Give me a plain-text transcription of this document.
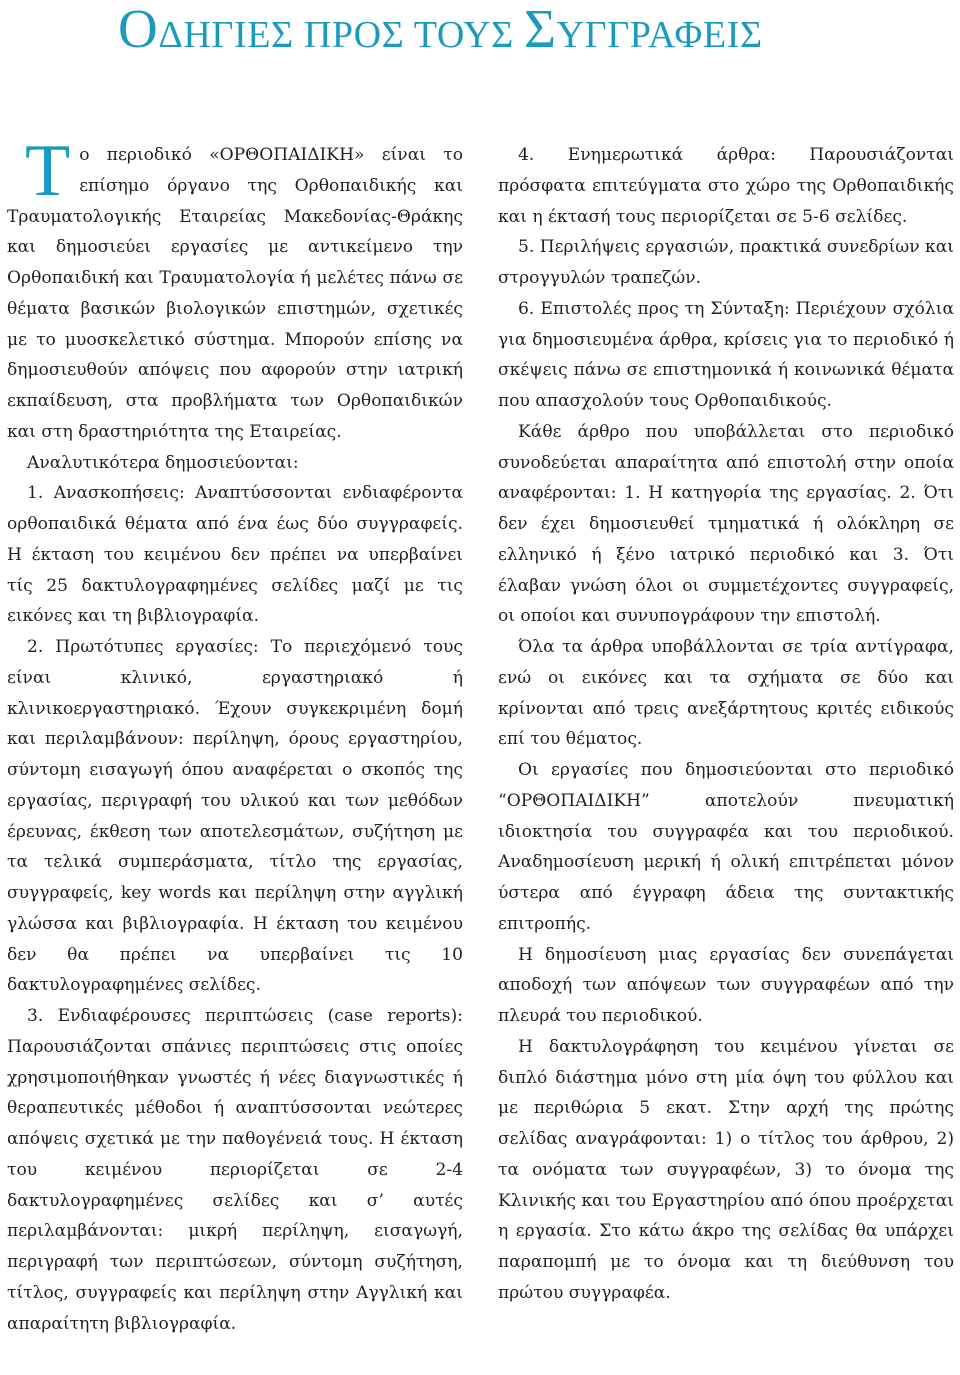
ΟΔΗΓΙΕΣ ΠΡΟΣ ΤΟΥΣ ΣΥΓΓΡΑΦΕΙΣ

Το περιοδικό «ΟΡΘΟΠΑΙΔΙΚΗ» είναι το επίσημο όργανο της Ορθοπαιδικής και Τραυματολογικής Εταιρείας Μακεδονίας-Θράκης και δημοσιεύει εργασίες με αντικείμενο την Ορθοπαιδική και Τραυματολογία ή μελέτες πάνω σε θέματα βασικών βιολογικών επιστημών, σχετικές με το μυοσκελετικό σύστημα. Μπορούν επίσης να δημοσιευθούν απόψεις που αφορούν στην ιατρική εκπαίδευση, στα προβλήματα των Ορθοπαιδικών και στη δραστηριότητα της Εταιρείας.

Αναλυτικότερα δημοσιεύονται:

1. Ανασκοπήσεις: Αναπτύσσονται ενδιαφέροντα ορθοπαιδικά θέματα από ένα έως δύο συγγραφείς. Η έκταση του κειμένου δεν πρέπει να υπερβαίνει τίς 25 δακτυλογραφημένες σελίδες μαζί με τις εικόνες και τη βιβλιογραφία.

2. Πρωτότυπες εργασίες: Το περιεχόμενό τους είναι κλινικό, εργαστηριακό ή κλινικοεργαστηριακό. Έχουν συγκεκριμένη δομή και περιλαμβάνουν: περίληψη, όρους εργαστηρίου, σύντομη εισαγωγή όπου αναφέρεται ο σκοπός της εργασίας, περιγραφή του υλικού και των μεθόδων έρευνας, έκθεση των αποτελεσμάτων, συζήτηση με τα τελικά συμπεράσματα, τίτλο της εργασίας, συγγραφείς, key words και περίληψη στην αγγλική γλώσσα και βιβλιογραφία. Η έκταση του κειμένου δεν θα πρέπει να υπερβαίνει τις 10 δακτυλογραφημένες σελίδες.

3. Ενδιαφέρουσες περιπτώσεις (case reports): Παρουσιάζονται σπάνιες περιπτώσεις στις οποίες χρησιμοποιήθηκαν γνωστές ή νέες διαγνωστικές ή θεραπευτικές μέθοδοι ή αναπτύσσονται νεώτερες απόψεις σχετικά με την παθογένειά τους. Η έκταση του κειμένου περιορίζεται σε 2-4 δακτυλογραφημένες σελίδες και σ’ αυτές περιλαμβάνονται: μικρή περίληψη, εισαγωγή, περιγραφή των περιπτώσεων, σύντομη συζήτηση, τίτλος, συγγραφείς και περίληψη στην Αγγλική και απαραίτητη βιβλιογραφία.

4. Ενημερωτικά άρθρα: Παρουσιάζονται πρόσφατα επιτεύγματα στο χώρο της Ορθοπαιδικής και η έκτασή τους περιορίζεται σε 5-6 σελίδες.

5. Περιλήψεις εργασιών, πρακτικά συνεδρίων και στρογγυλών τραπεζών.

6. Επιστολές προς τη Σύνταξη: Περιέχουν σχόλια για δημοσιευμένα άρθρα, κρίσεις για το περιοδικό ή σκέψεις πάνω σε επιστημονικά ή κοινωνικά θέματα που απασχολούν τους Ορθοπαιδικούς.

Κάθε άρθρο που υποβάλλεται στο περιοδικό συνοδεύεται απαραίτητα από επιστολή στην οποία αναφέρονται: 1. Η κατηγορία της εργασίας. 2. Ότι δεν έχει δημοσιευθεί τμηματικά ή ολόκληρη σε ελληνικό ή ξένο ιατρικό περιοδικό και 3. Ότι έλαβαν γνώση όλοι οι συμμετέχοντες συγγραφείς, οι οποίοι και συνυπογράφουν την επιστολή.

Όλα τα άρθρα υποβάλλονται σε τρία αντίγραφα, ενώ οι εικόνες και τα σχήματα σε δύο και κρίνονται από τρεις ανεξάρτητους κριτές ειδικούς επί του θέματος.

Οι εργασίες που δημοσιεύονται στο περιοδικό “ΟΡΘΟΠΑΙΔΙΚΗ” αποτελούν πνευματική ιδιοκτησία του συγγραφέα και του περιοδικού. Αναδημοσίευση μερική ή ολική επιτρέπεται μόνον ύστερα από έγγραφη άδεια της συντακτικής επιτροπής.

Η δημοσίευση μιας εργασίας δεν συνεπάγεται αποδοχή των απόψεων των συγγραφέων από την πλευρά του περιοδικού.

Η δακτυλογράφηση του κειμένου γίνεται σε διπλό διάστημα μόνο στη μία όψη του φύλλου και με περιθώρια 5 εκατ. Στην αρχή της πρώτης σελίδας αναγράφονται: 1) ο τίτλος του άρθρου, 2) τα ονόματα των συγγραφέων, 3) το όνομα της Κλινικής και του Εργαστηρίου από όπου προέρχεται η εργασία. Στο κάτω άκρο της σελίδας θα υπάρχει παραπομπή με το όνομα και τη διεύθυνση του πρώτου συγγραφέα.
